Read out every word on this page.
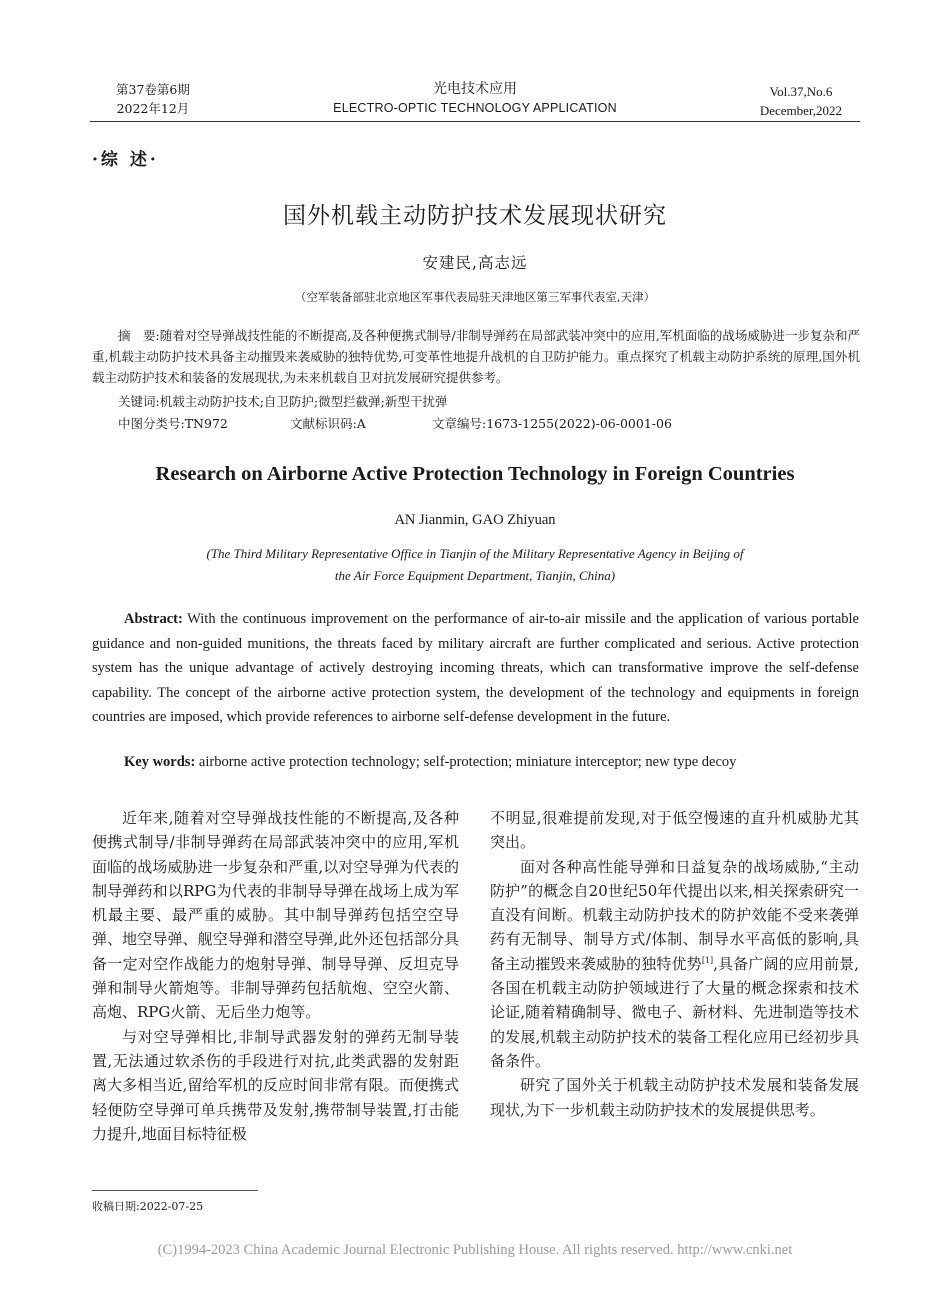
第37卷第6期
2022年12月
光电技术应用
ELECTRO-OPTIC TECHNOLOGY APPLICATION
Vol.37,No.6
December,2022
·综 述·
国外机载主动防护技术发展现状研究
安建民,高志远
（空军装备部驻北京地区军事代表局驻天津地区第三军事代表室,天津）
摘　要:随着对空导弹战技性能的不断提高,及各种便携式制导/非制导弹药在局部武装冲突中的应用,军机面临的战场威胁进一步复杂和严重,机载主动防护技术具备主动摧毁来袭威胁的独特优势,可变革性地提升战机的自卫防护能力。重点探究了机载主动防护系统的原理,国外机载主动防护技术和装备的发展现状,为未来机载自卫对抗发展研究提供参考。
关键词:机载主动防护技术;自卫防护;微型拦截弹;新型干扰弹
中图分类号:TN972	文献标识码:A	文章编号:1673-1255(2022)-06-0001-06
Research on Airborne Active Protection Technology in Foreign Countries
AN Jianmin, GAO Zhiyuan
(The Third Military Representative Office in Tianjin of the Military Representative Agency in Beijing of
the Air Force Equipment Department, Tianjin, China)
Abstract: With the continuous improvement on the performance of air-to-air missile and the application of various portable guidance and non-guided munitions, the threats faced by military aircraft are further complicated and serious. Active protection system has the unique advantage of actively destroying incoming threats, which can transformative improve the self-defense capability. The concept of the airborne active protection system, the development of the technology and equipments in foreign countries are imposed, which provide references to airborne self-defense development in the future.
Key words: airborne active protection technology; self-protection; miniature interceptor; new type decoy

近年来,随着对空导弹战技性能的不断提高,及各种便携式制导/非制导弹药在局部武装冲突中的应用,军机面临的战场威胁进一步复杂和严重,以对空导弹为代表的制导弹药和以RPG为代表的非制导导弹在战场上成为军机最主要、最严重的威胁。其中制导弹药包括空空导弹、地空导弹、舰空导弹和潜空导弹,此外还包括部分具备一定对空作战能力的炮射导弹、制导导弹、反坦克导弹和制导火箭炮等。非制导弹药包括航炮、空空火箭、高炮、RPG火箭、无后坐力炮等。

与对空导弹相比,非制导武器发射的弹药无制导装置,无法通过软杀伤的手段进行对抗,此类武器的发射距离大多相当近,留给军机的反应时间非常有限。而便携式轻便防空导弹可单兵携带及发射,携带制导装置,打击能力提升,地面目标特征极

不明显,很难提前发现,对于低空慢速的直升机威胁尤其突出。

面对各种高性能导弹和日益复杂的战场威胁,“主动防护”的概念自20世纪50年代提出以来,相关探索研究一直没有间断。机载主动防护技术的防护效能不受来袭弹药有无制导、制导方式/体制、制导水平高低的影响,具备主动摧毁来袭威胁的独特优势[1],具备广阔的应用前景,各国在机载主动防护领域进行了大量的概念探索和技术论证,随着精确制导、微电子、新材料、先进制造等技术的发展,机载主动防护技术的装备工程化应用已经初步具备条件。

研究了国外关于机载主动防护技术发展和装备发展现状,为下一步机载主动防护技术的发展提供思考。

收稿日期:2022-07-25
(C)1994-2023 China Academic Journal Electronic Publishing House. All rights reserved. http://www.cnki.net
